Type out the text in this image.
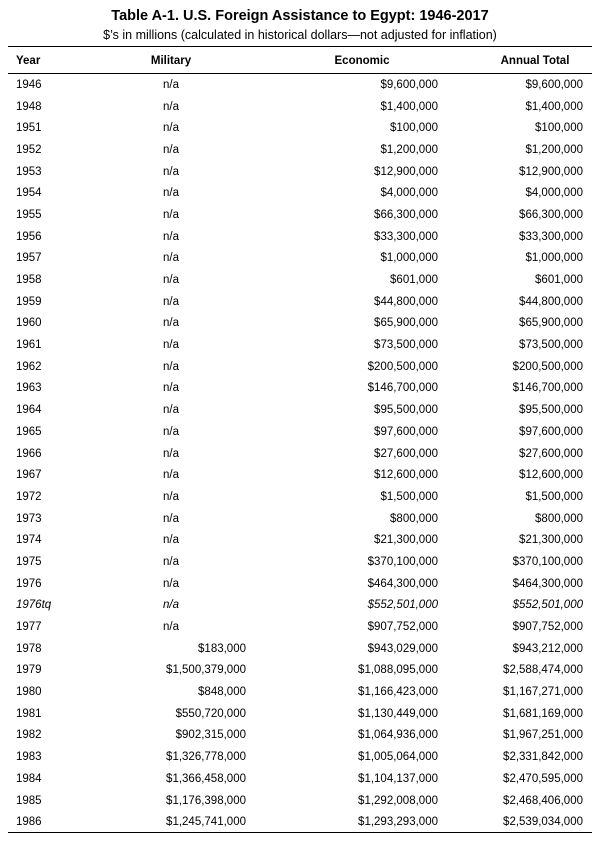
Table A-1. U.S. Foreign Assistance to Egypt: 1946-2017
$’s in millions (calculated in historical dollars—not adjusted for inflation)
Year	Military	Economic	Annual Total
1946	n/a	$9,600,000	$9,600,000
1948	n/a	$1,400,000	$1,400,000
1951	n/a	$100,000	$100,000
1952	n/a	$1,200,000	$1,200,000
1953	n/a	$12,900,000	$12,900,000
1954	n/a	$4,000,000	$4,000,000
1955	n/a	$66,300,000	$66,300,000
1956	n/a	$33,300,000	$33,300,000
1957	n/a	$1,000,000	$1,000,000
1958	n/a	$601,000	$601,000
1959	n/a	$44,800,000	$44,800,000
1960	n/a	$65,900,000	$65,900,000
1961	n/a	$73,500,000	$73,500,000
1962	n/a	$200,500,000	$200,500,000
1963	n/a	$146,700,000	$146,700,000
1964	n/a	$95,500,000	$95,500,000
1965	n/a	$97,600,000	$97,600,000
1966	n/a	$27,600,000	$27,600,000
1967	n/a	$12,600,000	$12,600,000
1972	n/a	$1,500,000	$1,500,000
1973	n/a	$800,000	$800,000
1974	n/a	$21,300,000	$21,300,000
1975	n/a	$370,100,000	$370,100,000
1976	n/a	$464,300,000	$464,300,000
1976tq	n/a	$552,501,000	$552,501,000
1977	n/a	$907,752,000	$907,752,000
1978	$183,000	$943,029,000	$943,212,000
1979	$1,500,379,000	$1,088,095,000	$2,588,474,000
1980	$848,000	$1,166,423,000	$1,167,271,000
1981	$550,720,000	$1,130,449,000	$1,681,169,000
1982	$902,315,000	$1,064,936,000	$1,967,251,000
1983	$1,326,778,000	$1,005,064,000	$2,331,842,000
1984	$1,366,458,000	$1,104,137,000	$2,470,595,000
1985	$1,176,398,000	$1,292,008,000	$2,468,406,000
1986	$1,245,741,000	$1,293,293,000	$2,539,034,000
